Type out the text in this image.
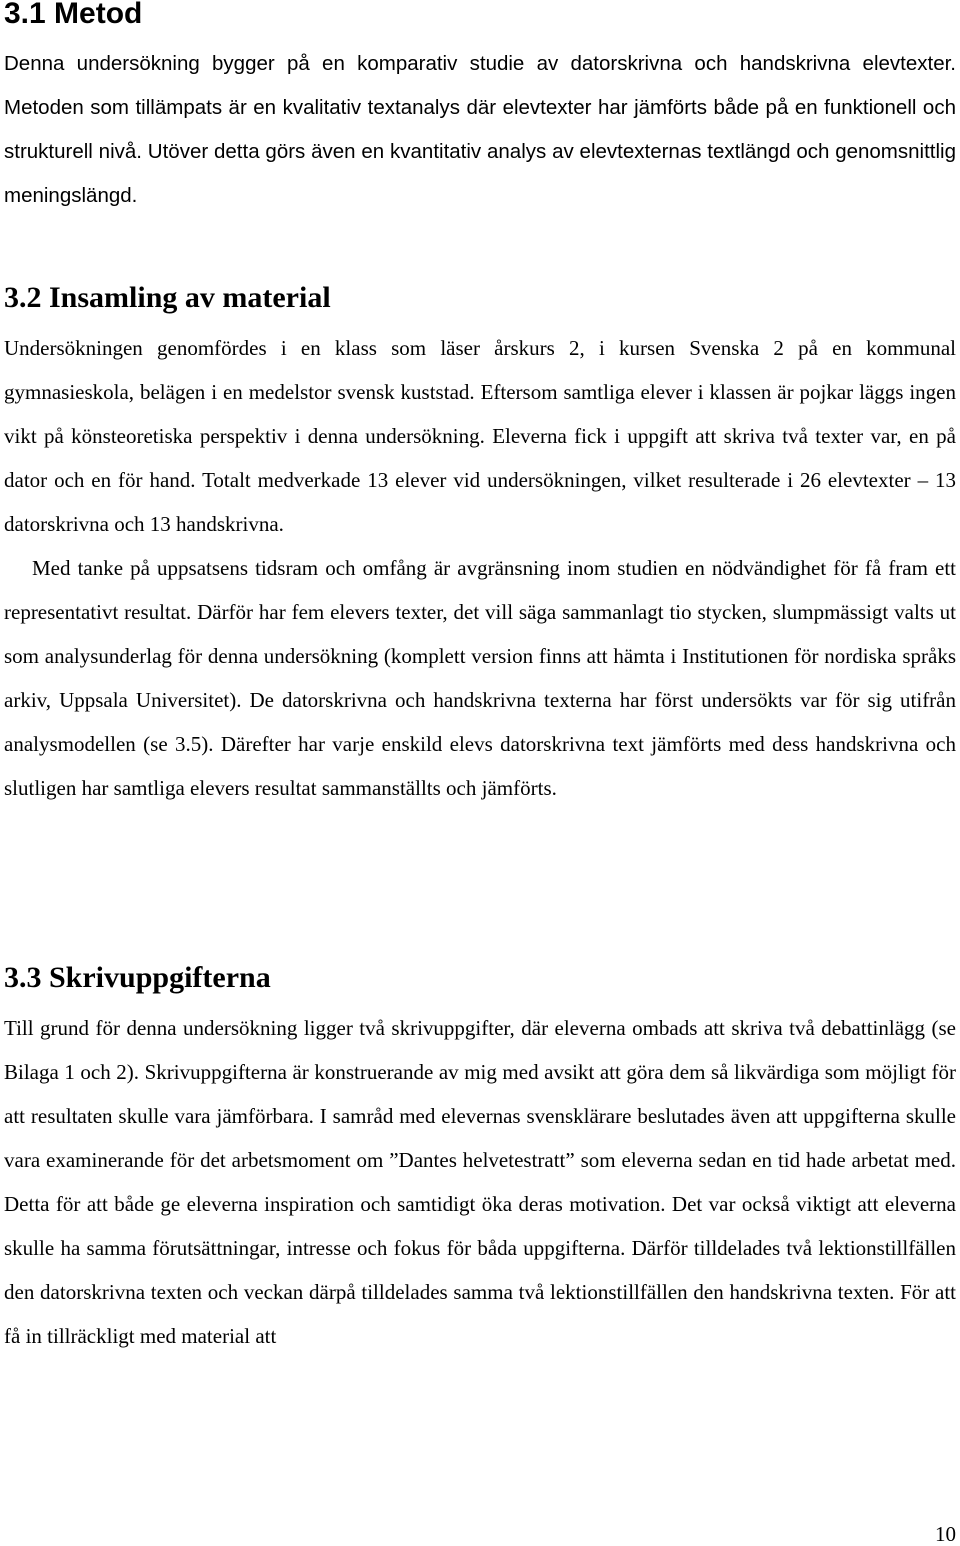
3.1 Metod

Denna undersökning bygger på en komparativ studie av datorskrivna och handskrivna elevtexter. Metoden som tillämpats är en kvalitativ textanalys där elevtexter har jämförts både på en funktionell och strukturell nivå. Utöver detta görs även en kvantitativ analys av elevtexternas textlängd och genomsnittlig meningslängd.

3.2 Insamling av material

Undersökningen genomfördes i en klass som läser årskurs 2, i kursen Svenska 2 på en kommunal gymnasieskola, belägen i en medelstor svensk kuststad. Eftersom samtliga elever i klassen är pojkar läggs ingen vikt på könsteoretiska perspektiv i denna undersökning. Eleverna fick i uppgift att skriva två texter var, en på dator och en för hand. Totalt medverkade 13 elever vid undersökningen, vilket resulterade i 26 elevtexter – 13 datorskrivna och 13 handskrivna.

Med tanke på uppsatsens tidsram och omfång är avgränsning inom studien en nödvändighet för få fram ett representativt resultat. Därför har fem elevers texter, det vill säga sammanlagt tio stycken, slumpmässigt valts ut som analysunderlag för denna undersökning (komplett version finns att hämta i Institutionen för nordiska språks arkiv, Uppsala Universitet). De datorskrivna och handskrivna texterna har först undersökts var för sig utifrån analysmodellen (se 3.5). Därefter har varje enskild elevs datorskrivna text jämförts med dess handskrivna och slutligen har samtliga elevers resultat sammanställts och jämförts.

3.3 Skrivuppgifterna

Till grund för denna undersökning ligger två skrivuppgifter, där eleverna ombads att skriva två debattinlägg (se Bilaga 1 och 2). Skrivuppgifterna är konstruerande av mig med avsikt att göra dem så likvärdiga som möjligt för att resultaten skulle vara jämförbara. I samråd med elevernas svensklärare beslutades även att uppgifterna skulle vara examinerande för det arbetsmoment om ”Dantes helvetestratt” som eleverna sedan en tid hade arbetat med. Detta för att både ge eleverna inspiration och samtidigt öka deras motivation. Det var också viktigt att eleverna skulle ha samma förutsättningar, intresse och fokus för båda uppgifterna. Därför tilldelades två lektionstillfällen den datorskrivna texten och veckan därpå tilldelades samma två lektionstillfällen den handskrivna texten. För att få in tillräckligt med material att

10
